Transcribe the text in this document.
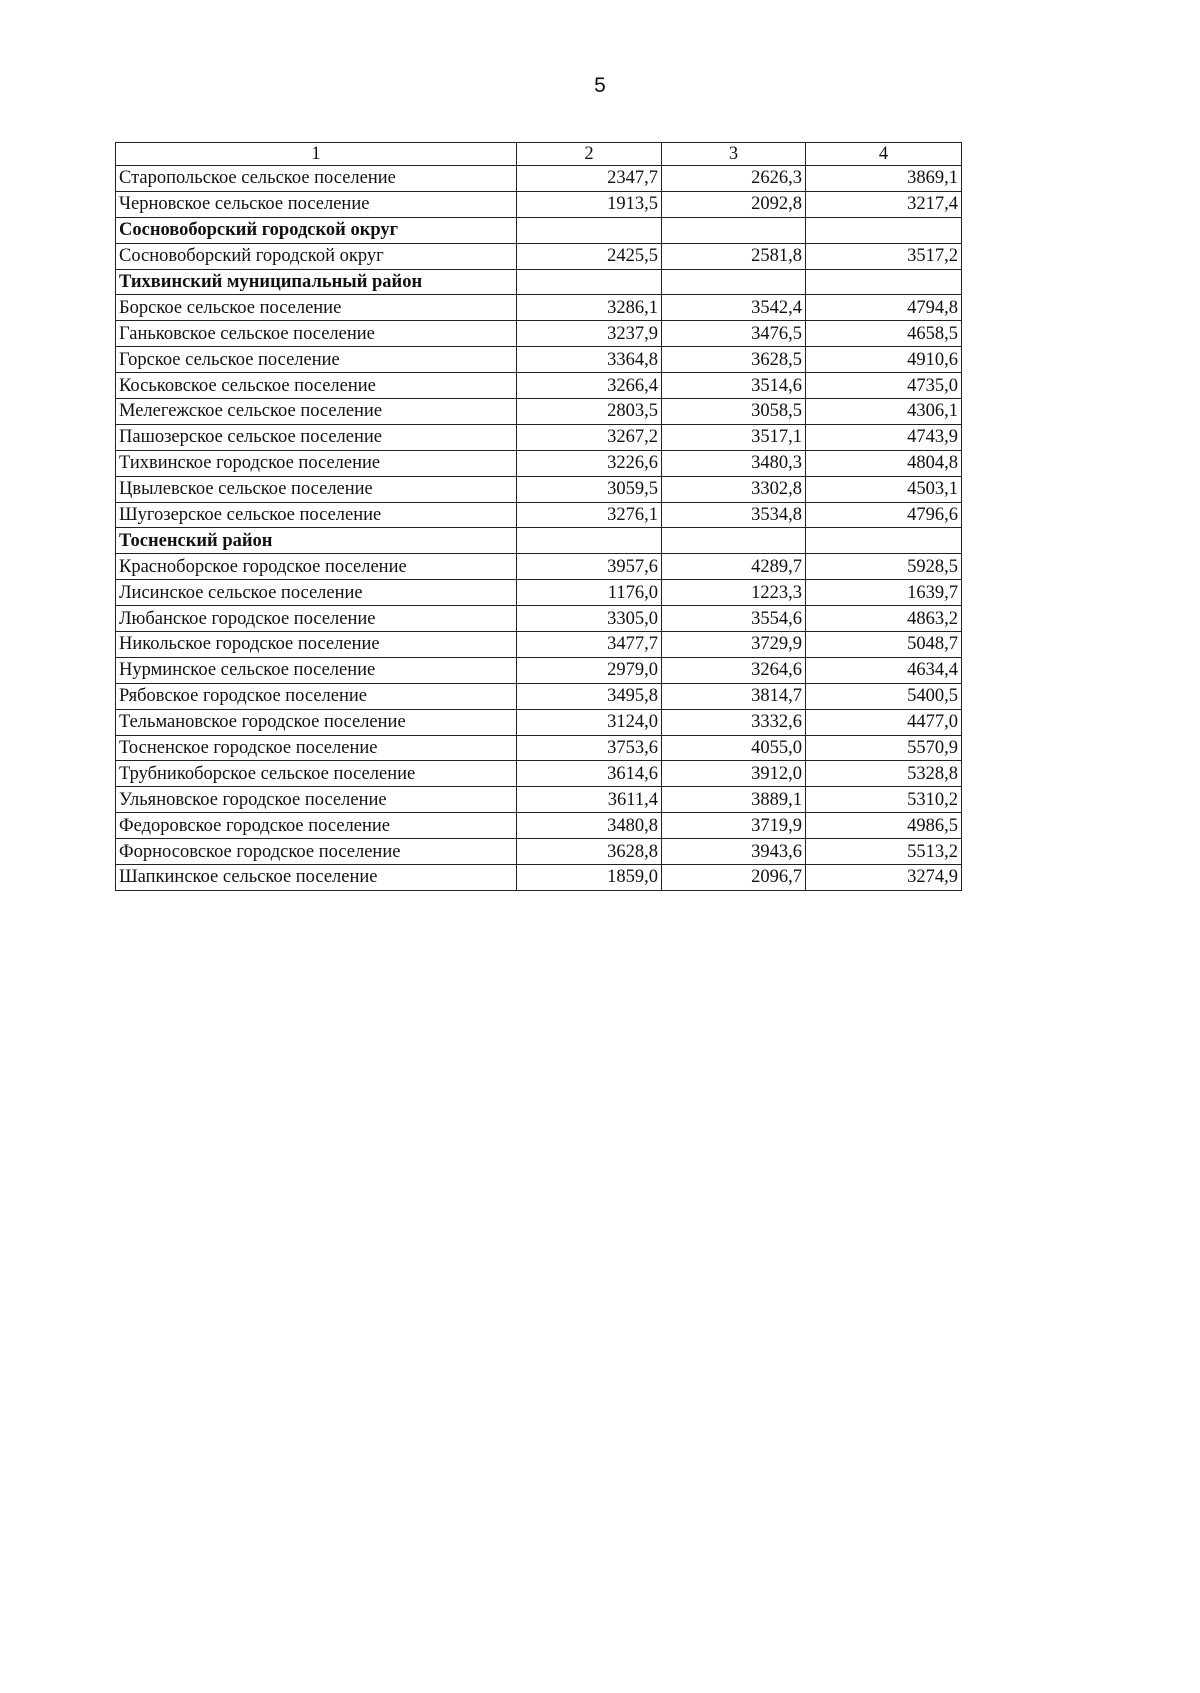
5
1	2	3	4
Старопольское сельское поселение	2347,7	2626,3	3869,1
Черновское сельское поселение	1913,5	2092,8	3217,4
Сосновоборский городской округ			
Сосновоборский городской округ	2425,5	2581,8	3517,2
Тихвинский муниципальный район			
Борское сельское поселение	3286,1	3542,4	4794,8
Ганьковское сельское поселение	3237,9	3476,5	4658,5
Горское сельское поселение	3364,8	3628,5	4910,6
Коськовское сельское поселение	3266,4	3514,6	4735,0
Мелегежское сельское поселение	2803,5	3058,5	4306,1
Пашозерское сельское поселение	3267,2	3517,1	4743,9
Тихвинское городское поселение	3226,6	3480,3	4804,8
Цвылевское сельское поселение	3059,5	3302,8	4503,1
Шугозерское сельское поселение	3276,1	3534,8	4796,6
Тосненский район			
Красноборское городское поселение	3957,6	4289,7	5928,5
Лисинское сельское поселение	1176,0	1223,3	1639,7
Любанское городское поселение	3305,0	3554,6	4863,2
Никольское городское поселение	3477,7	3729,9	5048,7
Нурминское сельское поселение	2979,0	3264,6	4634,4
Рябовское городское поселение	3495,8	3814,7	5400,5
Тельмановское городское поселение	3124,0	3332,6	4477,0
Тосненское городское поселение	3753,6	4055,0	5570,9
Трубникоборское сельское поселение	3614,6	3912,0	5328,8
Ульяновское городское поселение	3611,4	3889,1	5310,2
Федоровское городское поселение	3480,8	3719,9	4986,5
Форносовское городское поселение	3628,8	3943,6	5513,2
Шапкинское сельское поселение	1859,0	2096,7	3274,9
